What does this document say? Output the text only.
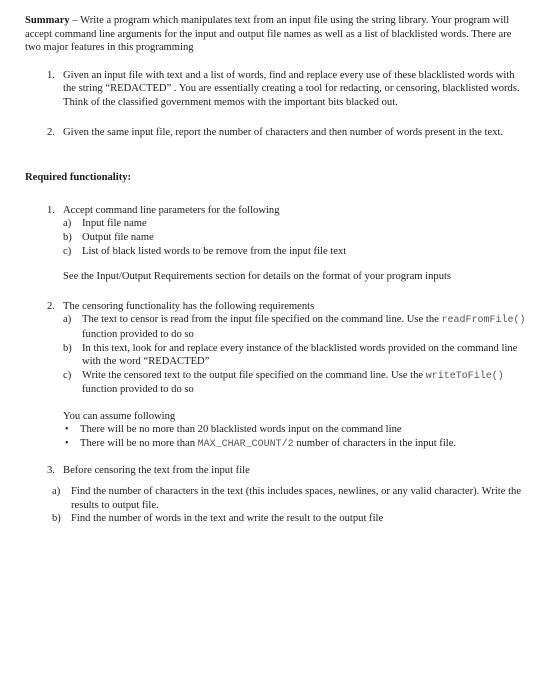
Summary – Write a program which manipulates text from an input file using the string library. Your program will accept command line arguments for the input and output file names as well as a list of blacklisted words. There are two major features in this programming

1. Given an input file with text and a list of words, find and replace every use of these blacklisted words with the string “REDACTED” . You are essentially creating a tool for redacting, or censoring, blacklisted words. Think of the classified government memos with the important bits blacked out.
2. Given the same input file, report the number of characters and then number of words present in the text.
Required functionality:
1. Accept command line parameters for the following
a) Input file name
b) Output file name
c) List of black listed words to be remove from the input file text
See the Input/Output Requirements section for details on the format of your program inputs
2. The censoring functionality has the following requirements
a) The text to censor is read from the input file specified on the command line. Use the readFromFile() function provided to do so
b) In this text, look for and replace every instance of the blacklisted words provided on the command line with the word “REDACTED”
c) Write the censored text to the output file specified on the command line. Use the writeToFile() function provided to do so
You can assume following
• There will be no more than 20 blacklisted words input on the command line
• There will be no more than MAX_CHAR_COUNT/2 number of characters in the input file.
3. Before censoring the text from the input file
a) Find the number of characters in the text (this includes spaces, newlines, or any valid character). Write the results to output file.
b) Find the number of words in the text and write the result to the output file
